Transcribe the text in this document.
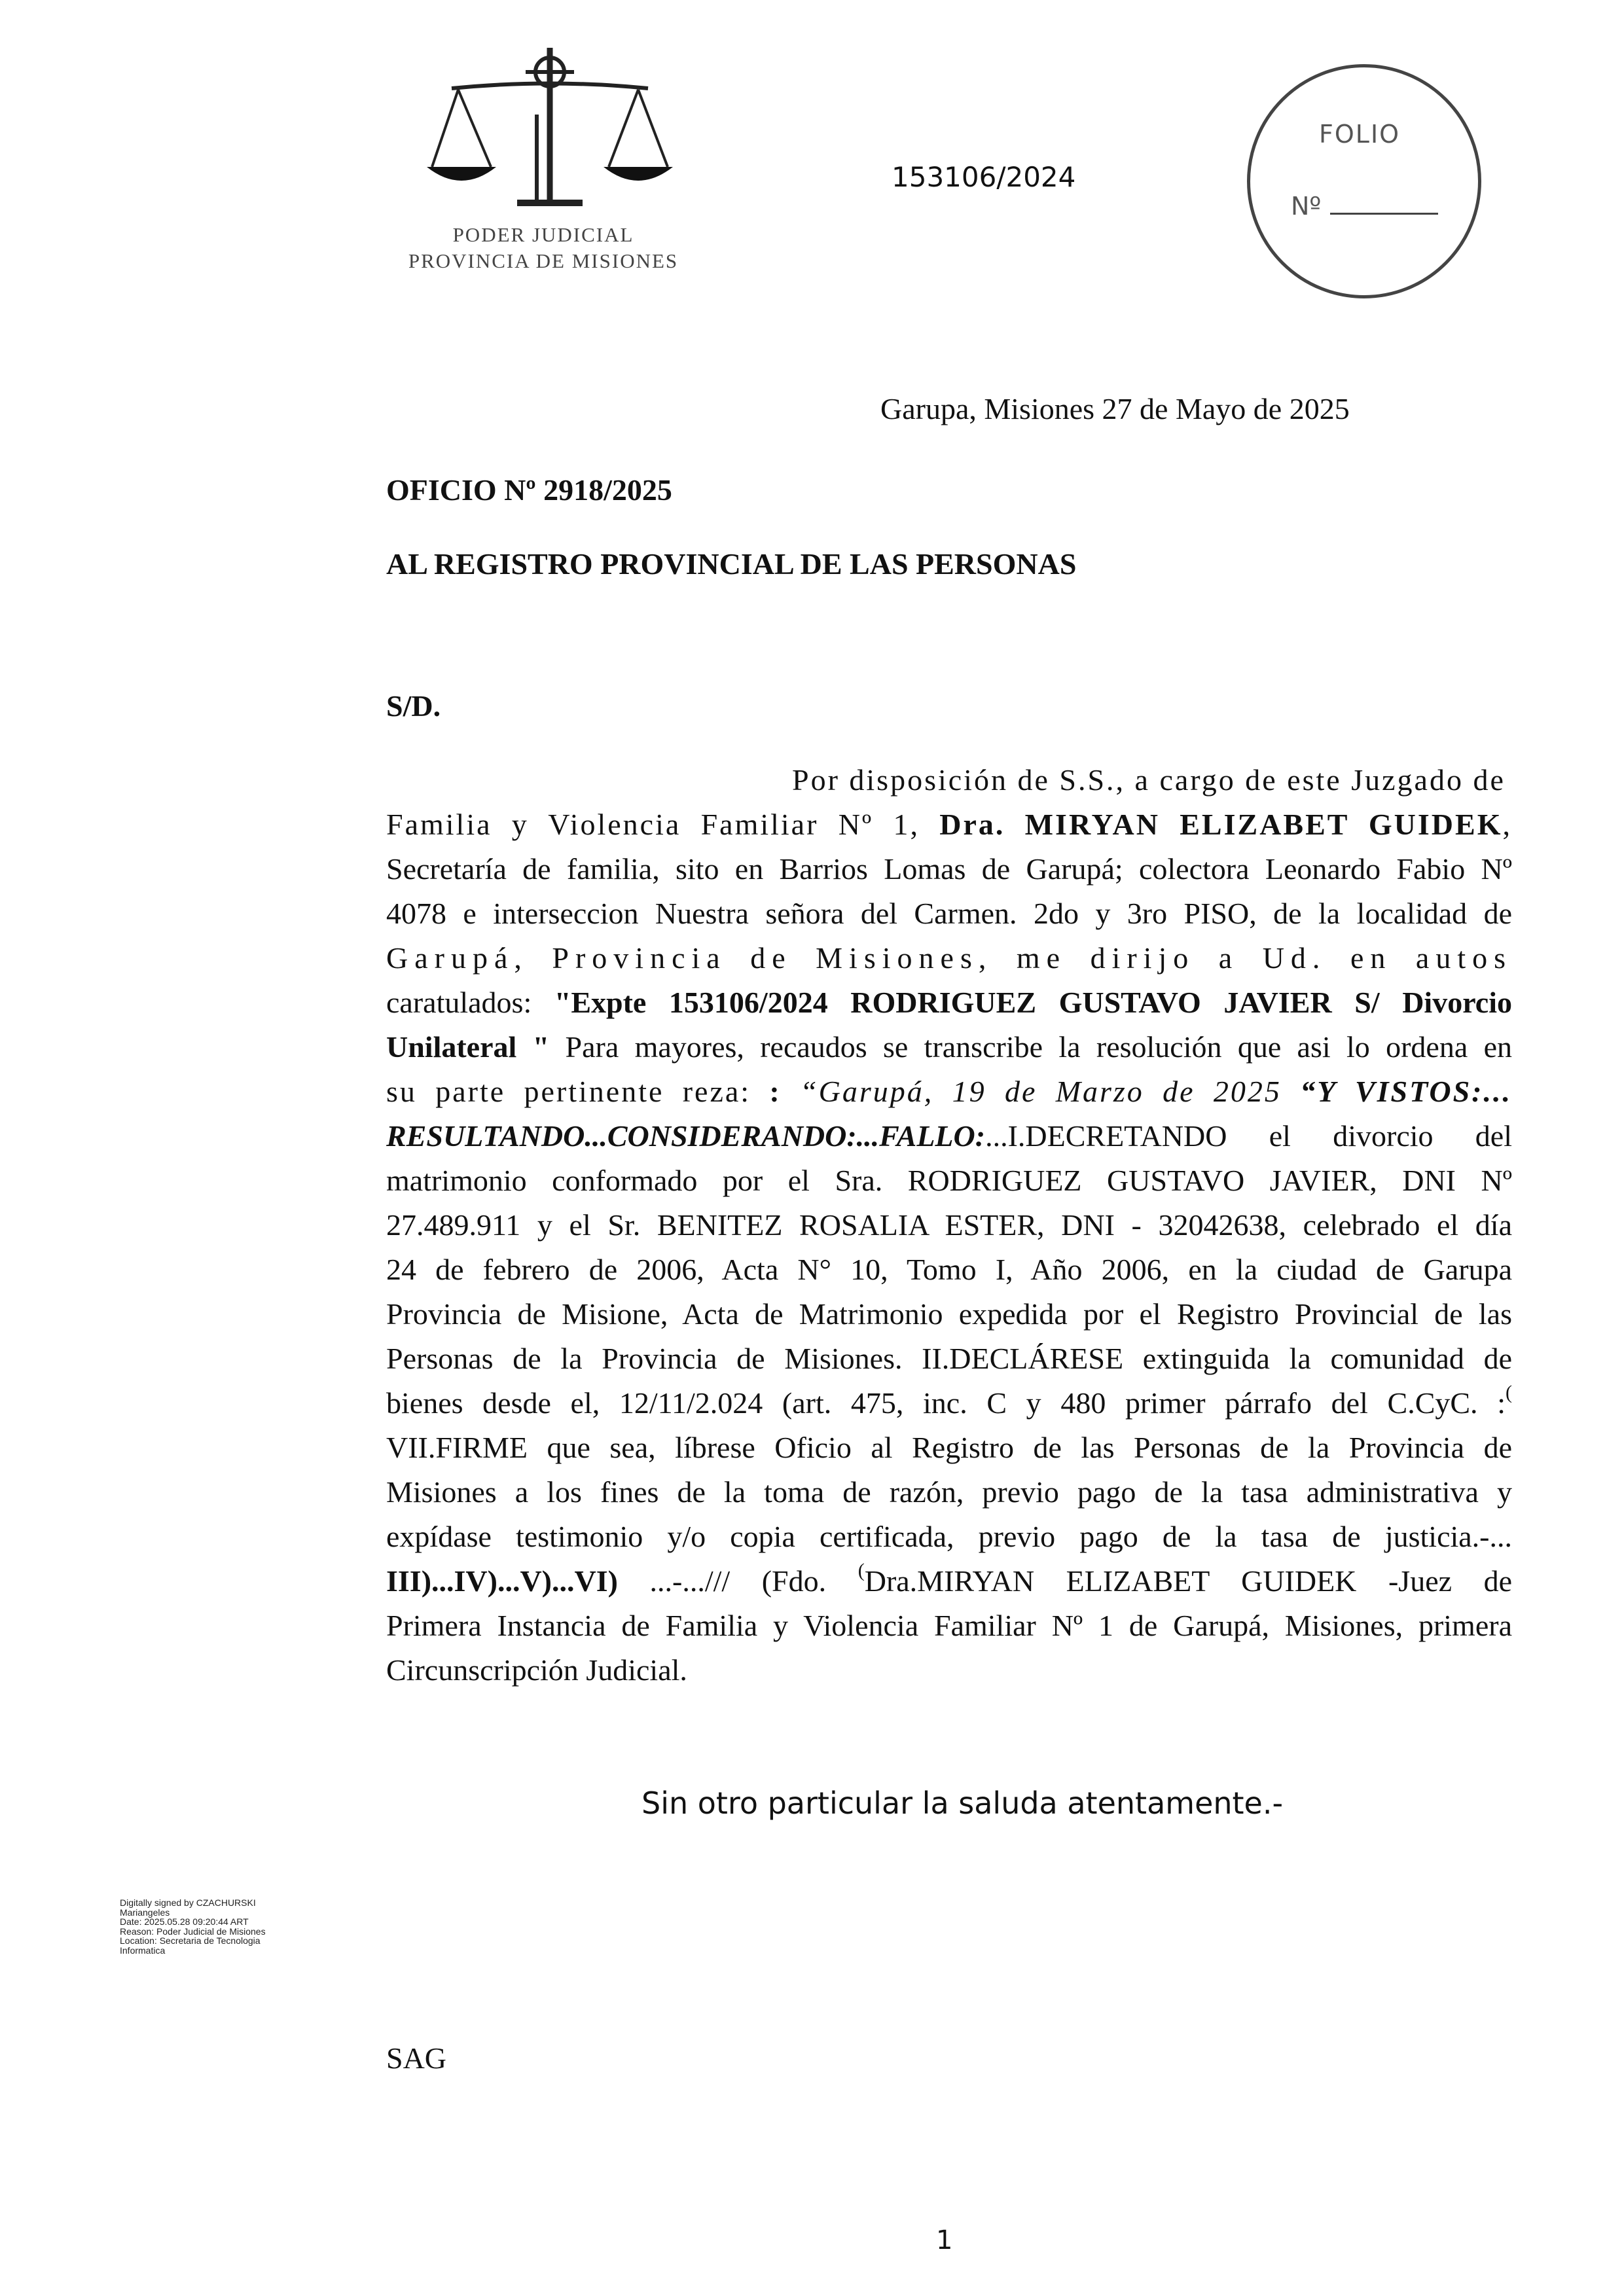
PODER JUDICIAL
PROVINCIA DE MISIONES
153106/2024
FOLIO
Nº
Garupa, Misiones 27 de Mayo de 2025
OFICIO Nº 2918/2025
AL REGISTRO PROVINCIAL DE LAS PERSONAS
S/D.
Por disposición de S.S., a cargo de este Juzgado de
Familia y Violencia Familiar Nº 1, Dra. MIRYAN ELIZABET GUIDEK,
Secretaría de familia, sito en Barrios Lomas de Garupá; colectora Leonardo Fabio Nº
4078 e interseccion Nuestra señora del Carmen. 2do y 3ro PISO, de la localidad de
Garupá, Provincia de Misiones, me dirijo a Ud. en autos
caratulados: "Expte 153106/2024 RODRIGUEZ GUSTAVO JAVIER S/ Divorcio
Unilateral " Para mayores, recaudos se transcribe la resolución que asi lo ordena en
su parte pertinente reza: : “Garupá, 19 de Marzo de 2025 “Y VISTOS:...
RESULTANDO...CONSIDERANDO:...FALLO:...I.DECRETANDO el divorcio del
matrimonio conformado por el Sra. RODRIGUEZ GUSTAVO JAVIER, DNI Nº
27.489.911 y el Sr. BENITEZ ROSALIA ESTER, DNI - 32042638, celebrado el día
24 de febrero de 2006, Acta N° 10, Tomo I, Año 2006, en la ciudad de Garupa
Provincia de Misione, Acta de Matrimonio expedida por el Registro Provincial de las
Personas de la Provincia de Misiones. II.DECLÁRESE extinguida la comunidad de
bienes desde el, 12/11/2.024 (art. 475, inc. C y 480 primer párrafo del C.CyC. :(
VII.FIRME que sea, líbrese Oficio al Registro de las Personas de la Provincia de
Misiones a los fines de la toma de razón, previo pago de la tasa administrativa y
expídase testimonio y/o copia certificada, previo pago de la tasa de justicia.-...
III)...IV)...V)...VI) ...-.../// (Fdo. (Dra.MIRYAN ELIZABET GUIDEK -Juez de
Primera Instancia de Familia y Violencia Familiar Nº 1 de Garupá, Misiones, primera
Circunscripción Judicial.
Sin otro particular la saluda atentamente.-
Digitally signed by CZACHURSKI
Mariangeles
Date: 2025.05.28 09:20:44 ART
Reason: Poder Judicial de Misiones
Location: Secretaria de Tecnologia
Informatica
SAG
1
